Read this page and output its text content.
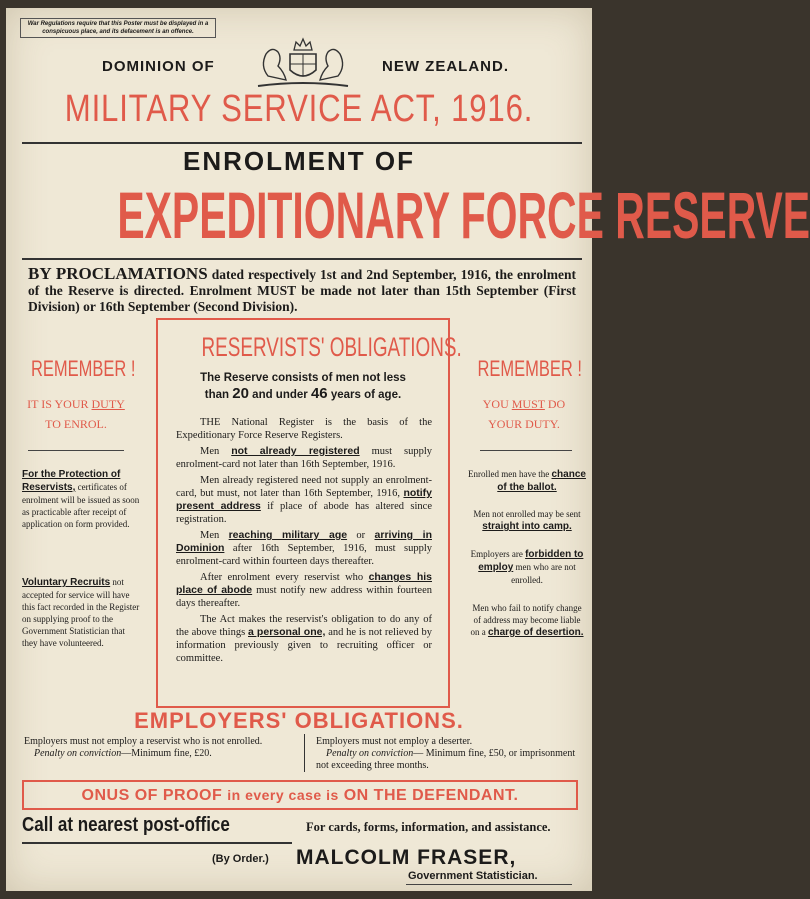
War Regulations require that this Poster must be displayed in a conspicuous place, and its defacement is an offence.
DOMINION OF	NEW ZEALAND.
MILITARY SERVICE ACT, 1916.
ENROLMENT OF
EXPEDITIONARY FORCE RESERVE
BY PROCLAMATIONS dated respectively 1st and 2nd September, 1916, the enrolment of the Reserve is directed. Enrolment MUST be made not later than 15th September (First Division) or 16th September (Second Division).
REMEMBER !
IT IS YOUR DUTY
TO ENROL.
For the Protection of Reservists, certificates of enrolment will be issued as soon as practicable after receipt of application on form provided.
Voluntary Recruits not accepted for service will have this fact recorded in the Register on supplying proof to the Government Statistician that they have volunteered.
RESERVISTS' OBLIGATIONS.
The Reserve consists of men not less
than 20 and under 46 years of age.

THE National Register is the basis of the Expeditionary Force Reserve Registers.

Men not already registered must supply enrolment-card not later than 16th September, 1916.

Men already registered need not supply an enrolment-card, but must, not later than 16th September, 1916, notify present address if place of abode has altered since registration.

Men reaching military age or arriving in Dominion after 16th September, 1916, must supply enrolment-card within fourteen days thereafter.

After enrolment every reservist who changes his place of abode must notify new address within fourteen days thereafter.

The Act makes the reservist's obligation to do any of the above things a personal one, and he is not relieved by information previously given to recruiting officer or committee.

REMEMBER !
YOU MUST DO
YOUR DUTY.
Enrolled men have the chance of the ballot.
Men not enrolled may be sent straight into camp.
Employers are forbidden to employ men who are not enrolled.
Men who fail to notify change of address may become liable on a charge of desertion.
EMPLOYERS' OBLIGATIONS.
Employers must not employ a reservist who is not enrolled.
Penalty on conviction—Minimum fine, £20.
Employers must not employ a deserter.
Penalty on conviction— Minimum fine, £50, or imprisonment not exceeding three months.
ONUS OF PROOF in every case is ON THE DEFENDANT.
Call at nearest post-office	For cards, forms, information, and assistance.
(By Order.) MALCOLM FRASER,
Government Statistician.
